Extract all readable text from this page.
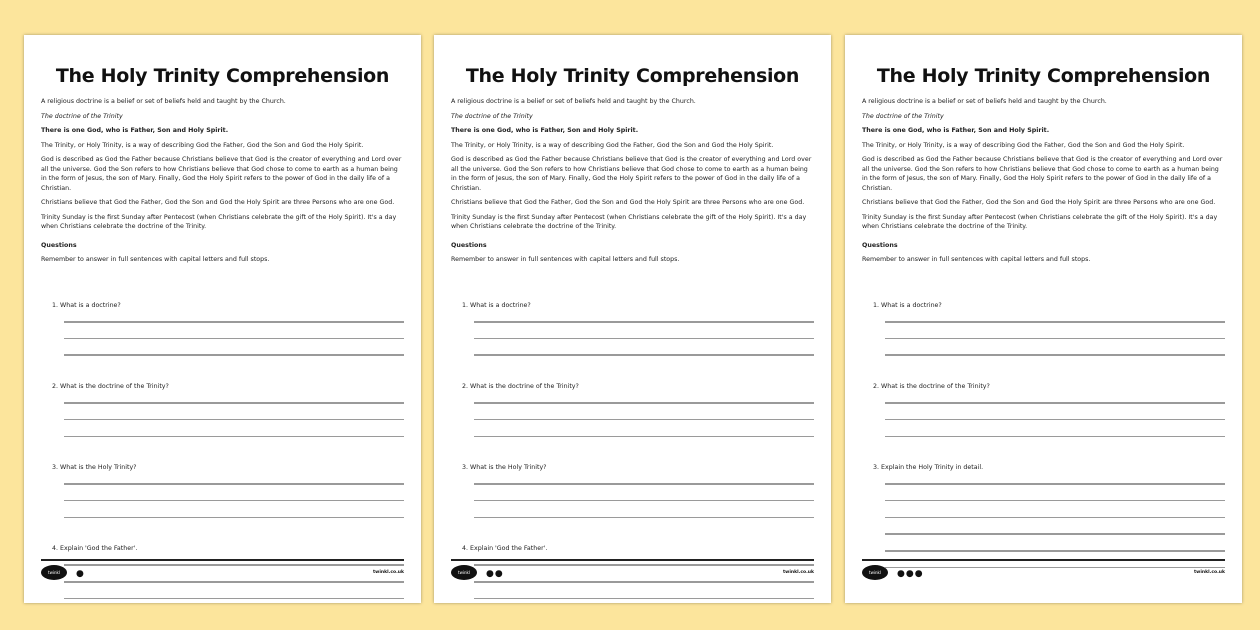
The Holy Trinity Comprehension

A religious doctrine is a belief or set of beliefs held and taught by the Church.

The doctrine of the Trinity

There is one God, who is Father, Son and Holy Spirit.

The Trinity, or Holy Trinity, is a way of describing God the Father, God the Son and God the Holy Spirit.

God is described as God the Father because Christians believe that God is the creator of everything and Lord over all the universe. God the Son refers to how Christians believe that God chose to come to earth as a human being in the form of Jesus, the son of Mary. Finally, God the Holy Spirit refers to the power of God in the daily life of a Christian.

Christians believe that God the Father, God the Son and God the Holy Spirit are three Persons who are one God.

Trinity Sunday is the first Sunday after Pentecost (when Christians celebrate the gift of the Holy Spirit). It's a day when Christians celebrate the doctrine of the Trinity.

Questions

Remember to answer in full sentences with capital letters and full stops.

1. What is a doctrine?
2. What is the doctrine of the Trinity?
3. What is the Holy Trinity?
4. Explain 'God the Father'.
twinkl	●	twinkl.co.uk
The Holy Trinity Comprehension

A religious doctrine is a belief or set of beliefs held and taught by the Church.

The doctrine of the Trinity

There is one God, who is Father, Son and Holy Spirit.

The Trinity, or Holy Trinity, is a way of describing God the Father, God the Son and God the Holy Spirit.

God is described as God the Father because Christians believe that God is the creator of everything and Lord over all the universe. God the Son refers to how Christians believe that God chose to come to earth as a human being in the form of Jesus, the son of Mary. Finally, God the Holy Spirit refers to the power of God in the daily life of a Christian.

Christians believe that God the Father, God the Son and God the Holy Spirit are three Persons who are one God.

Trinity Sunday is the first Sunday after Pentecost (when Christians celebrate the gift of the Holy Spirit). It's a day when Christians celebrate the doctrine of the Trinity.

Questions

Remember to answer in full sentences with capital letters and full stops.

1. What is a doctrine?
2. What is the doctrine of the Trinity?
3. What is the Holy Trinity?
4. Explain 'God the Father'.
twinkl	●●	twinkl.co.uk
The Holy Trinity Comprehension

A religious doctrine is a belief or set of beliefs held and taught by the Church.

The doctrine of the Trinity

There is one God, who is Father, Son and Holy Spirit.

The Trinity, or Holy Trinity, is a way of describing God the Father, God the Son and God the Holy Spirit.

God is described as God the Father because Christians believe that God is the creator of everything and Lord over all the universe. God the Son refers to how Christians believe that God chose to come to earth as a human being in the form of Jesus, the son of Mary. Finally, God the Holy Spirit refers to the power of God in the daily life of a Christian.

Christians believe that God the Father, God the Son and God the Holy Spirit are three Persons who are one God.

Trinity Sunday is the first Sunday after Pentecost (when Christians celebrate the gift of the Holy Spirit). It's a day when Christians celebrate the doctrine of the Trinity.

Questions

Remember to answer in full sentences with capital letters and full stops.

1. What is a doctrine?
2. What is the doctrine of the Trinity?
3. Explain the Holy Trinity in detail.
twinkl	●●●	twinkl.co.uk
